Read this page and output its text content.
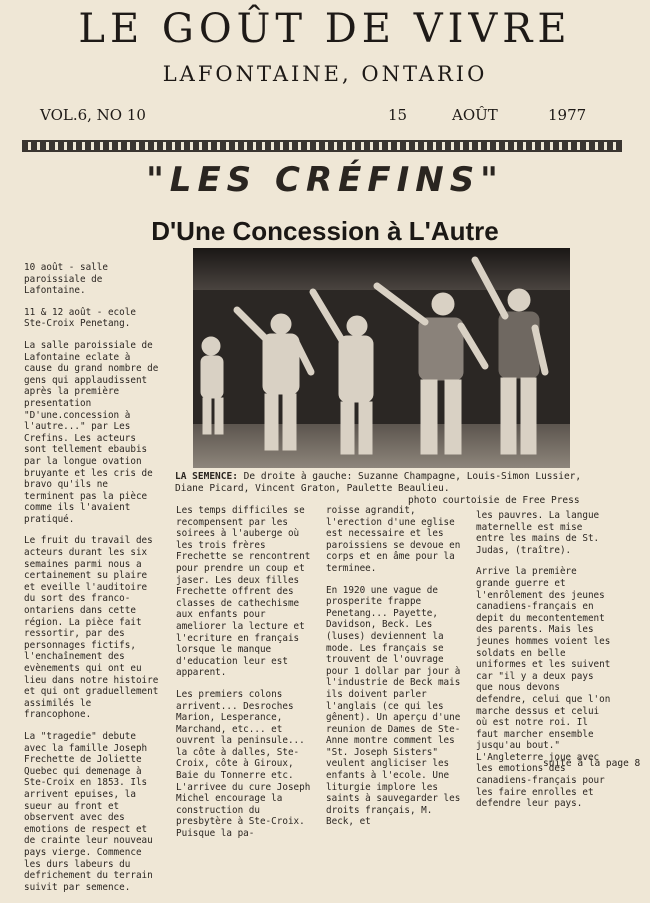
LE GOÛT DE VIVRE
LAFONTAINE, ONTARIO
VOL.6, NO 10	15	AOÛT	1977
"LES CRÉFINS"
D'Une Concession à L'Autre
LA SEMENCE: De droite à gauche: Suzanne Champagne, Louis-Simon Lussier, Diane Picard, Vincent Graton, Paulette Beaulieu.
photo courtoisie de Free Press

10 août - salle paroissiale de Lafontaine.

11 & 12 août - ecole Ste-Croix Penetang.

La salle paroissiale de Lafontaine eclate à cause du grand nombre de gens qui applaudissent après la première presentation "D'une.concession à l'autre..." par Les Crefins. Les acteurs sont tellement ebaubis par la longue ovation bruyante et les cris de bravo qu'ils ne terminent pas la pièce comme ils l'avaient pratiqué.

Le fruit du travail des acteurs durant les six semaines parmi nous a certainement su plaire et eveille l'auditoire du sort des franco-ontariens dans cette région. La pièce fait ressortir, par des personnages fictifs, l'enchaînement des evènements qui ont eu lieu dans notre histoire et qui ont graduellement assimilés le francophone.

La "tragedie" debute avec la famille Joseph Frechette de Joliette Quebec qui demenage à Ste-Croix en 1853. Ils arrivent epuises, la sueur au front et observent avec des emotions de respect et de crainte leur nouveau pays vierge. Commence les durs labeurs du defrichement du terrain suivit par semence.

Les temps difficiles se recompensent par les soirees à l'auberge où les trois frères Frechette se rencontrent pour prendre un coup et jaser. Les deux filles Frechette offrent des classes de cathechisme aux enfants pour ameliorer la lecture et l'ecriture en français lorsque le manque d'education leur est apparent.

Les premiers colons arrivent... Desroches Marion, Lesperance, Marchand, etc... et ouvrent la peninsule... la côte à dalles, Ste-Croix, côte à Giroux, Baie du Tonnerre etc. L'arrivee du cure Joseph Michel encourage la construction du presbytère à Ste-Croix. Puisque la pa-

roisse agrandit, l'erection d'une eglise est necessaire et les paroissiens se devoue en corps et en âme pour la terminee.

En 1920 une vague de prosperite frappe Penetang... Payette, Davidson, Beck. Les (luses) deviennent la mode. Les français se trouvent de l'ouvrage pour 1 dollar par jour à l'industrie de Beck mais ils doivent parler l'anglais (ce qui les gênent). Un aperçu d'une reunion de Dames de Ste-Anne montre comment les "St. Joseph Sisters" veulent angliciser les enfants à l'ecole. Une liturgie implore les saints à sauvegarder les droits français, M. Beck, et

les pauvres. La langue maternelle est mise entre les mains de St. Judas, (traître).

Arrive la première grande guerre et l'enrôlement des jeunes canadiens-français en depit du mecontentement des parents. Mais les jeunes hommes voient les soldats en belle uniformes et les suivent car "il y a deux pays que nous devons defendre, celui que l'on marche dessus et celui où est notre roi. Il faut marcher ensemble jusqu'au bout." L'Angleterre joue avec les emotions des canadiens-français pour les faire enrolles et defendre leur pays.

suite à la page 8
